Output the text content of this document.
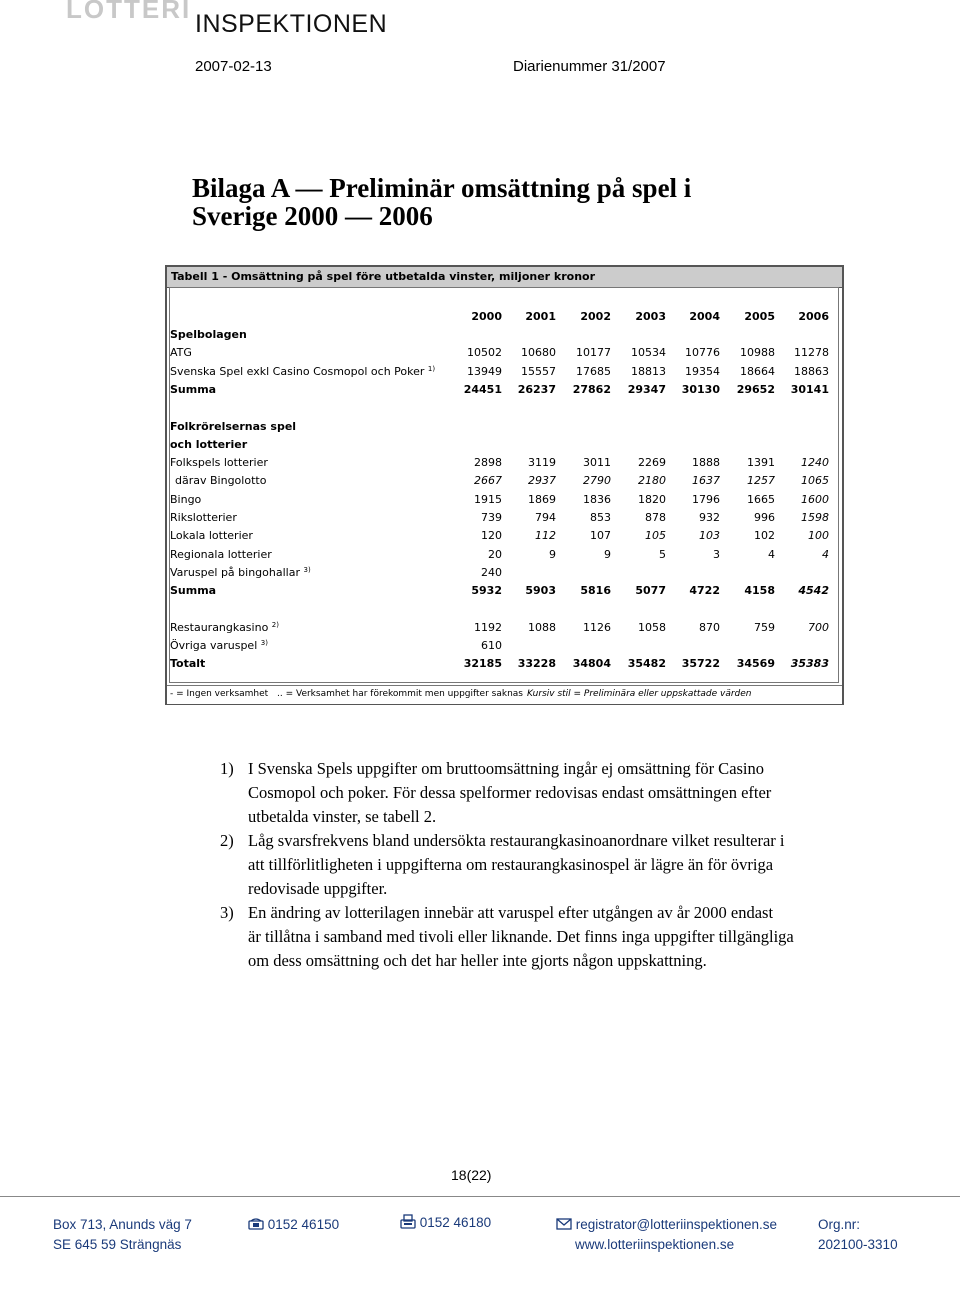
LOTTERI INSPEKTIONEN
2007-02-13	Diarienummer 31/2007
Bilaga A — Preliminär omsättning på spel i
Sverige 2000 — 2006
Tabell 1 - Omsättning på spel före utbetalda vinster, miljoner kronor
2000	2001	2002	2003	2004	2005	2006
Spelbolagen
ATG	10502	10680	10177	10534	10776	10988	11278
Svenska Spel exkl Casino Cosmopol och Poker $^{1)}$	13949	15557	17685	18813	19354	18664	18863
Summa	24451	26237	27862	29347	30130	29652	30141
Folkrörelsernas spel
och lotterier
Folkspels lotterier	2898	3119	3011	2269	1888	1391	1240
därav Bingolotto	2667	2937	2790	2180	1637	1257	1065
Bingo	1915	1869	1836	1820	1796	1665	1600
Rikslotterier	739	794	853	878	932	996	1598
Lokala lotterier	120	112	107	105	103	102	100
Regionala lotterier	20	9	9	5	3	4	4
Varuspel på bingohallar $^{3)}$	240
Summa	5932	5903	5816	5077	4722	4158	4542
Restaurangkasino $^{2)}$	1192	1088	1126	1058	870	759	700
Övriga varuspel $^{3)}$	610
Totalt	32185	33228	34804	35482	35722	34569	35383
- = Ingen verksamhet .. = Verksamhet har förekommit men uppgifter saknas Kursiv stil = Preliminära eller uppskattade värden
1) I Svenska Spels uppgifter om bruttoomsättning ingår ej omsättning för Casino
Cosmopol och poker. För dessa spelformer redovisas endast omsättningen efter
utbetalda vinster, se tabell 2.
2) Låg svarsfrekvens bland undersökta restaurangkasinoanordnare vilket resulterar i
att tillförlitligheten i uppgifterna om restaurangkasinospel är lägre än för övriga
redovisade uppgifter.
3) En ändring av lotterilagen innebär att varuspel efter utgången av år 2000 endast
är tillåtna i samband med tivoli eller liknande. Det finns inga uppgifter tillgängliga
om dess omsättning och det har heller inte gjorts någon uppskattning.
18(22)
Box 713, Anunds väg 7
SE 645 59 Strängnäs
0152 46150	0152 46180	registrator@lotteriinspektionen.se
www.lotteriinspektionen.se
Org.nr:
202100-3310
